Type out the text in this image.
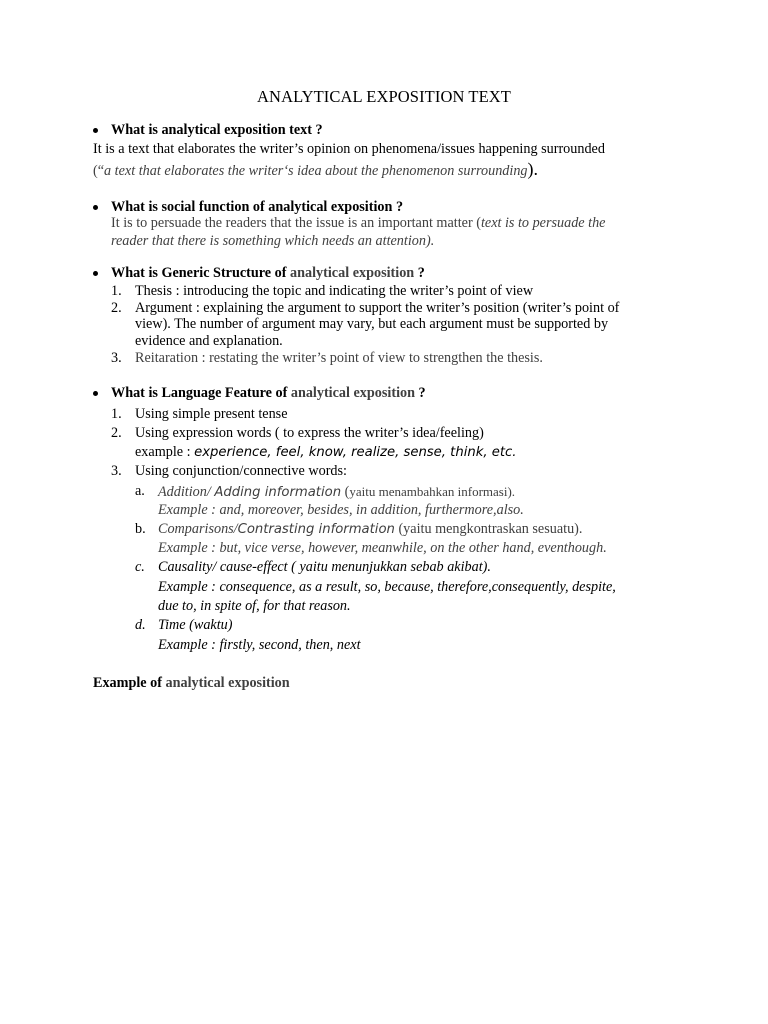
ANALYTICAL EXPOSITION TEXT
What is analytical exposition text ?
It is a text that elaborates the writer’s opinion on phenomena/issues happening surrounded
(“a text that elaborates the writer‘s idea about the phenomenon surrounding).
What is social function of analytical exposition ?
It is to persuade the readers that the issue is an important matter (text is to persuade the
reader that there is something which needs an attention).
What is Generic Structure of analytical exposition ?
1. Thesis : introducing the topic and indicating the writer’s point of view
2. Argument : explaining the argument to support the writer’s position (writer’s point of
view). The number of argument may vary, but each argument must be supported by
evidence and explanation.
3. Reitaration : restating the writer’s point of view to strengthen the thesis.
What is Language Feature of analytical exposition ?
1. Using simple present tense
2. Using expression words ( to express the writer’s idea/feeling)
example : experience, feel, know, realize, sense, think, etc.
3. Using conjunction/connective words:
a. Addition/ Adding information (yaitu menambahkan informasi).
Example : and, moreover, besides, in addition, furthermore,also.
b. Comparisons/Contrasting information (yaitu mengkontraskan sesuatu).
Example : but, vice verse, however, meanwhile, on the other hand, eventhough.
c. Causality/ cause-effect ( yaitu menunjukkan sebab akibat).
Example : consequence, as a result, so, because, therefore,consequently, despite,
due to, in spite of, for that reason.
d. Time (waktu)
Example : firstly, second, then, next
Example of analytical exposition
